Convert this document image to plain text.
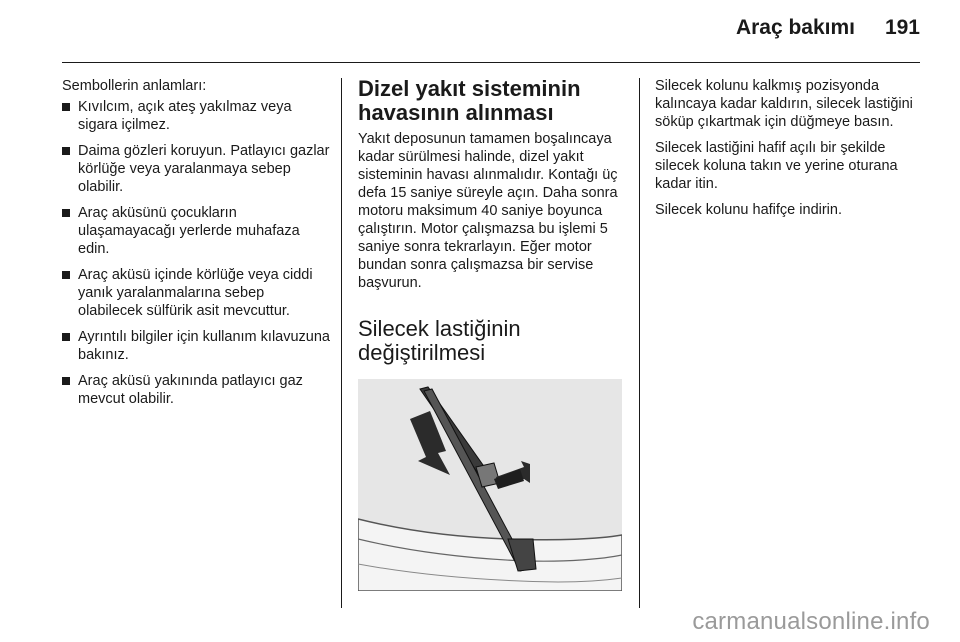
Araç bakımı 191

Sembollerin anlamları:

Kıvılcım, açık ateş yakılmaz veya sigara içilmez.
Daima gözleri koruyun. Patlayıcı gazlar körlüğe veya yaralanmaya sebep olabilir.
Araç aküsünü çocukların ulaşamayacağı yerlerde muhafaza edin.
Araç aküsü içinde körlüğe veya ciddi yanık yaralanmalarına sebep olabilecek sülfürik asit mevcuttur.
Ayrıntılı bilgiler için kullanım kılavuzuna bakınız.
Araç aküsü yakınında patlayıcı gaz mevcut olabilir.
Dizel yakıt sisteminin havasının alınması

Yakıt deposunun tamamen boşalıncaya kadar sürülmesi halinde, dizel yakıt sisteminin havası alınmalıdır. Kontağı üç defa 15 saniye süreyle açın. Daha sonra motoru maksimum 40 saniye boyunca çalıştırın. Motor çalışmazsa bu işlemi 5 saniye sonra tekrarlayın. Eğer motor bundan sonra çalışmazsa bir servise başvurun.

Silecek lastiğinin değiştirilmesi

Silecek kolunu kalkmış pozisyonda kalıncaya kadar kaldırın, silecek lastiğini söküp çıkartmak için düğmeye basın.

Silecek lastiğini hafif açılı bir şekilde silecek koluna takın ve yerine oturana kadar itin.

Silecek kolunu hafifçe indirin.

carmanualsonline.info
